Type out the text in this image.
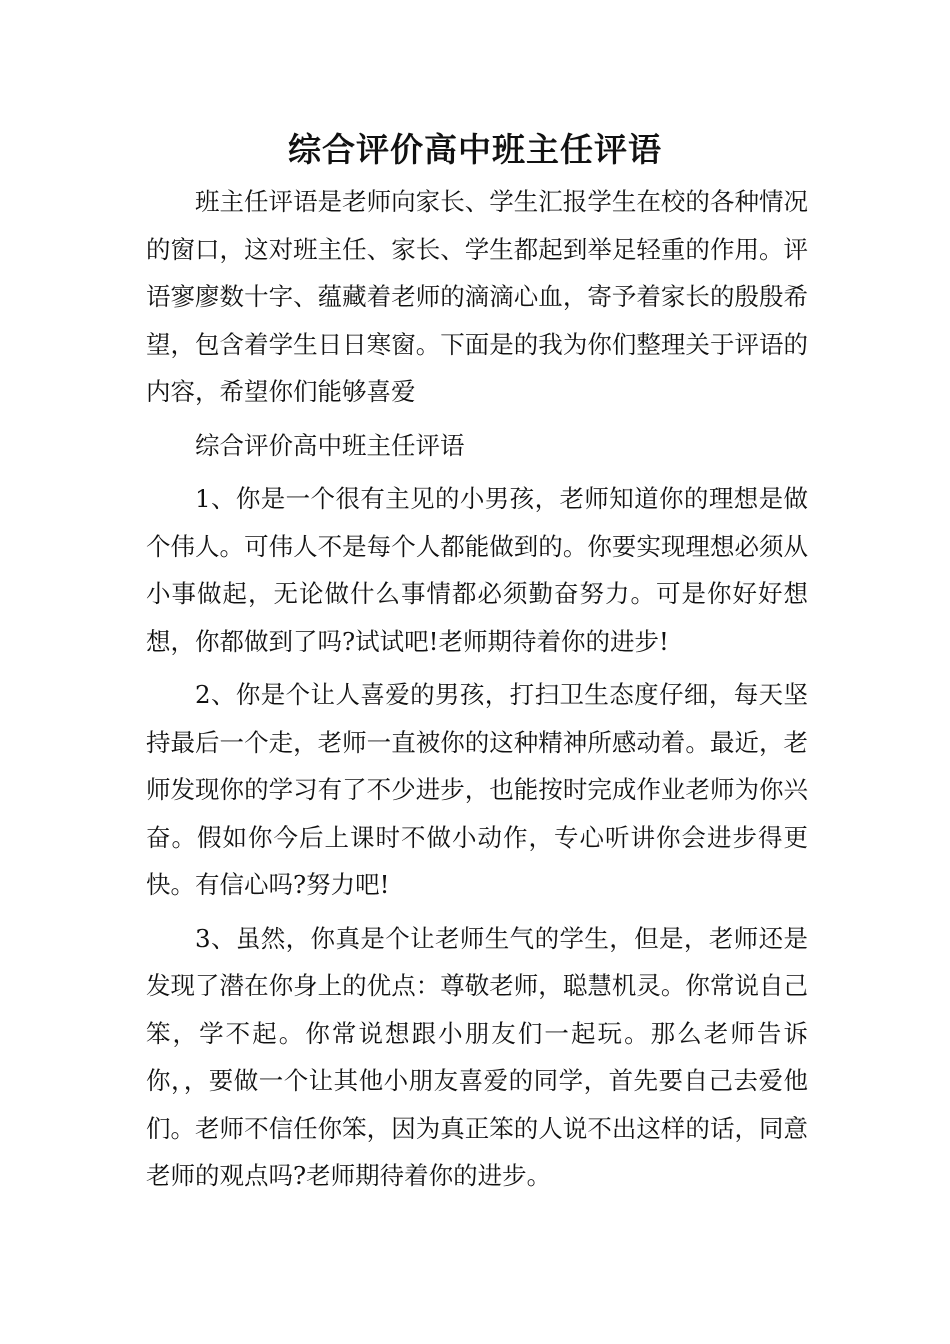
综合评价高中班主任评语

班主任评语是老师向家长、学生汇报学生在校的各种情况的窗口，这对班主任、家长、学生都起到举足轻重的作用。评语寥廖数十字、蕴藏着老师的滴滴心血，寄予着家长的殷殷希望，包含着学生日日寒窗。下面是的我为你们整理关于评语的内容，希望你们能够喜爱

综合评价高中班主任评语

1、你是一个很有主见的小男孩，老师知道你的理想是做个伟人。可伟人不是每个人都能做到的。你要实现理想必须从小事做起，无论做什么事情都必须勤奋努力。可是你好好想想，你都做到了吗?试试吧!老师期待着你的进步!

2、你是个让人喜爱的男孩，打扫卫生态度仔细，每天坚持最后一个走，老师一直被你的这种精神所感动着。最近，老师发现你的学习有了不少进步，也能按时完成作业老师为你兴奋。假如你今后上课时不做小动作，专心听讲你会进步得更快。有信心吗?努力吧!

3、虽然，你真是个让老师生气的学生，但是，老师还是发现了潜在你身上的优点：尊敬老师，聪慧机灵。你常说自己笨，学不起。你常说想跟小朋友们一起玩。那么老师告诉你，，要做一个让其他小朋友喜爱的同学，首先要自己去爱他们。老师不信任你笨，因为真正笨的人说不出这样的话，同意老师的观点吗?老师期待着你的进步。
